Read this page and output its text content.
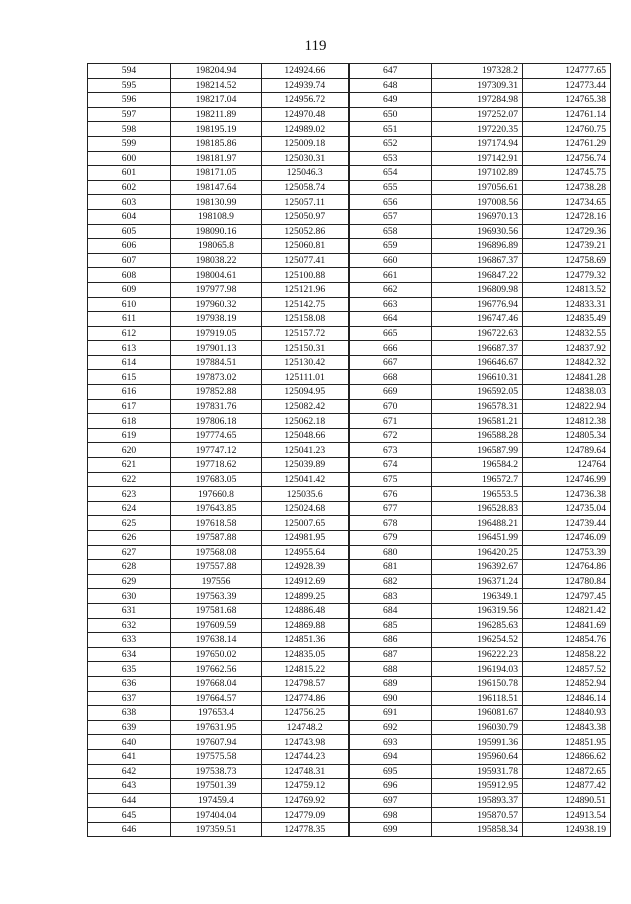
119
594	198204.94	124924.66	647	197328.2	124777.65
595	198214.52	124939.74	648	197309.31	124773.44
596	198217.04	124956.72	649	197284.98	124765.38
597	198211.89	124970.48	650	197252.07	124761.14
598	198195.19	124989.02	651	197220.35	124760.75
599	198185.86	125009.18	652	197174.94	124761.29
600	198181.97	125030.31	653	197142.91	124756.74
601	198171.05	125046.3	654	197102.89	124745.75
602	198147.64	125058.74	655	197056.61	124738.28
603	198130.99	125057.11	656	197008.56	124734.65
604	198108.9	125050.97	657	196970.13	124728.16
605	198090.16	125052.86	658	196930.56	124729.36
606	198065.8	125060.81	659	196896.89	124739.21
607	198038.22	125077.41	660	196867.37	124758.69
608	198004.61	125100.88	661	196847.22	124779.32
609	197977.98	125121.96	662	196809.98	124813.52
610	197960.32	125142.75	663	196776.94	124833.31
611	197938.19	125158.08	664	196747.46	124835.49
612	197919.05	125157.72	665	196722.63	124832.55
613	197901.13	125150.31	666	196687.37	124837.92
614	197884.51	125130.42	667	196646.67	124842.32
615	197873.02	125111.01	668	196610.31	124841.28
616	197852.88	125094.95	669	196592.05	124838.03
617	197831.76	125082.42	670	196578.31	124822.94
618	197806.18	125062.18	671	196581.21	124812.38
619	197774.65	125048.66	672	196588.28	124805.34
620	197747.12	125041.23	673	196587.99	124789.64
621	197718.62	125039.89	674	196584.2	124764
622	197683.05	125041.42	675	196572.7	124746.99
623	197660.8	125035.6	676	196553.5	124736.38
624	197643.85	125024.68	677	196528.83	124735.04
625	197618.58	125007.65	678	196488.21	124739.44
626	197587.88	124981.95	679	196451.99	124746.09
627	197568.08	124955.64	680	196420.25	124753.39
628	197557.88	124928.39	681	196392.67	124764.86
629	197556	124912.69	682	196371.24	124780.84
630	197563.39	124899.25	683	196349.1	124797.45
631	197581.68	124886.48	684	196319.56	124821.42
632	197609.59	124869.88	685	196285.63	124841.69
633	197638.14	124851.36	686	196254.52	124854.76
634	197650.02	124835.05	687	196222.23	124858.22
635	197662.56	124815.22	688	196194.03	124857.52
636	197668.04	124798.57	689	196150.78	124852.94
637	197664.57	124774.86	690	196118.51	124846.14
638	197653.4	124756.25	691	196081.67	124840.93
639	197631.95	124748.2	692	196030.79	124843.38
640	197607.94	124743.98	693	195991.36	124851.95
641	197575.58	124744.23	694	195960.64	124866.62
642	197538.73	124748.31	695	195931.78	124872.65
643	197501.39	124759.12	696	195912.95	124877.42
644	197459.4	124769.92	697	195893.37	124890.51
645	197404.04	124779.09	698	195870.57	124913.54
646	197359.51	124778.35	699	195858.34	124938.19
